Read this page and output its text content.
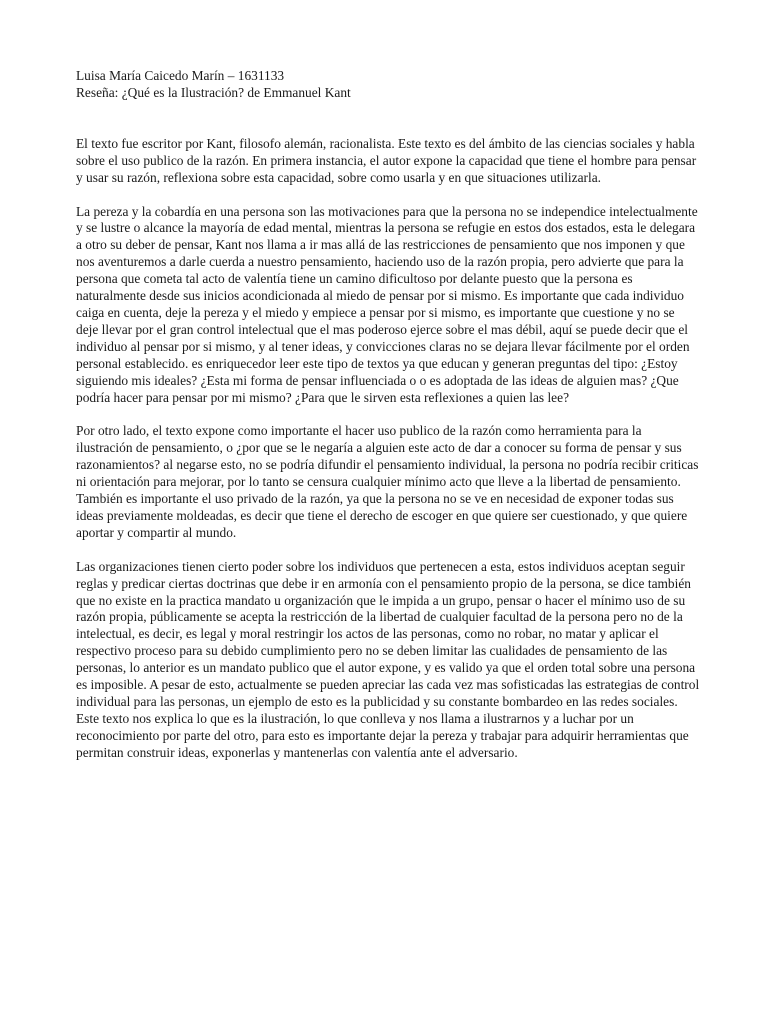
Luisa María Caicedo Marín – 1631133
Reseña: ¿Qué es la Ilustración? de Emmanuel Kant

El texto fue escritor por Kant, filosofo alemán, racionalista. Este texto es del ámbito de las ciencias sociales y habla sobre el uso publico de la razón. En primera instancia, el autor expone la capacidad que tiene el hombre para pensar y usar su razón, reflexiona sobre esta capacidad, sobre como usarla y en que situaciones utilizarla.

La pereza y la cobardía en una persona son las motivaciones para que la persona no se independice intelectualmente y se lustre o alcance la mayoría de edad mental, mientras la persona se refugie en estos dos estados, esta le delegara a otro su deber de pensar, Kant nos llama a ir mas allá de las restricciones de pensamiento que nos imponen y que nos aventuremos a darle cuerda a nuestro pensamiento, haciendo uso de la razón propia, pero advierte que para la persona que cometa tal acto de valentía tiene un camino dificultoso por delante puesto que la persona es naturalmente desde sus inicios acondicionada al miedo de pensar por si mismo. Es importante que cada individuo caiga en cuenta, deje la pereza y el miedo y empiece a pensar por si mismo, es importante que cuestione y no se deje llevar por el gran control intelectual que el mas poderoso ejerce sobre el mas débil, aquí se puede decir que el individuo al pensar por si mismo, y al tener ideas, y convicciones claras no se dejara llevar fácilmente por el orden personal establecido. es enriquecedor leer este tipo de textos ya que educan y generan preguntas del tipo: ¿Estoy siguiendo mis ideales? ¿Esta mi forma de pensar influenciada o o es adoptada de las ideas de alguien mas? ¿Que podría hacer para pensar por mi mismo? ¿Para que le sirven esta reflexiones a quien las lee?

Por otro lado, el texto expone como importante el hacer uso publico de la razón como herramienta para la ilustración de pensamiento, o ¿por que se le negaría a alguien este acto de dar a conocer su forma de pensar y sus razonamientos? al negarse esto, no se podría difundir el pensamiento individual, la persona no podría recibir criticas ni orientación para mejorar, por lo tanto se censura cualquier mínimo acto que lleve a la libertad de pensamiento. También es importante el uso privado de la razón, ya que la persona no se ve en necesidad de exponer todas sus ideas previamente moldeadas, es decir que tiene el derecho de escoger en que quiere ser cuestionado, y que quiere aportar y compartir al mundo.

Las organizaciones tienen cierto poder sobre los individuos que pertenecen a esta, estos individuos aceptan seguir reglas y predicar ciertas doctrinas que debe ir en armonía con el pensamiento propio de la persona, se dice también que no existe en la practica mandato u organización que le impida a un grupo, pensar o hacer el mínimo uso de su razón propia, públicamente se acepta la restricción de la libertad de cualquier facultad de la persona pero no de la intelectual, es decir, es legal y moral restringir los actos de las personas, como no robar, no matar y aplicar el respectivo proceso para su debido cumplimiento pero no se deben limitar las cualidades de pensamiento de las personas, lo anterior es un mandato publico que el autor expone, y es valido ya que el orden total sobre una persona es imposible. A pesar de esto, actualmente se pueden apreciar las cada vez mas sofisticadas las estrategias de control individual para las personas, un ejemplo de esto es la publicidad y su constante bombardeo en las redes sociales. Este texto nos explica lo que es la ilustración, lo que conlleva y nos llama a ilustrarnos y a luchar por un reconocimiento por parte del otro, para esto es importante dejar la pereza y trabajar para adquirir herramientas que permitan construir ideas, exponerlas y mantenerlas con valentía ante el adversario.
